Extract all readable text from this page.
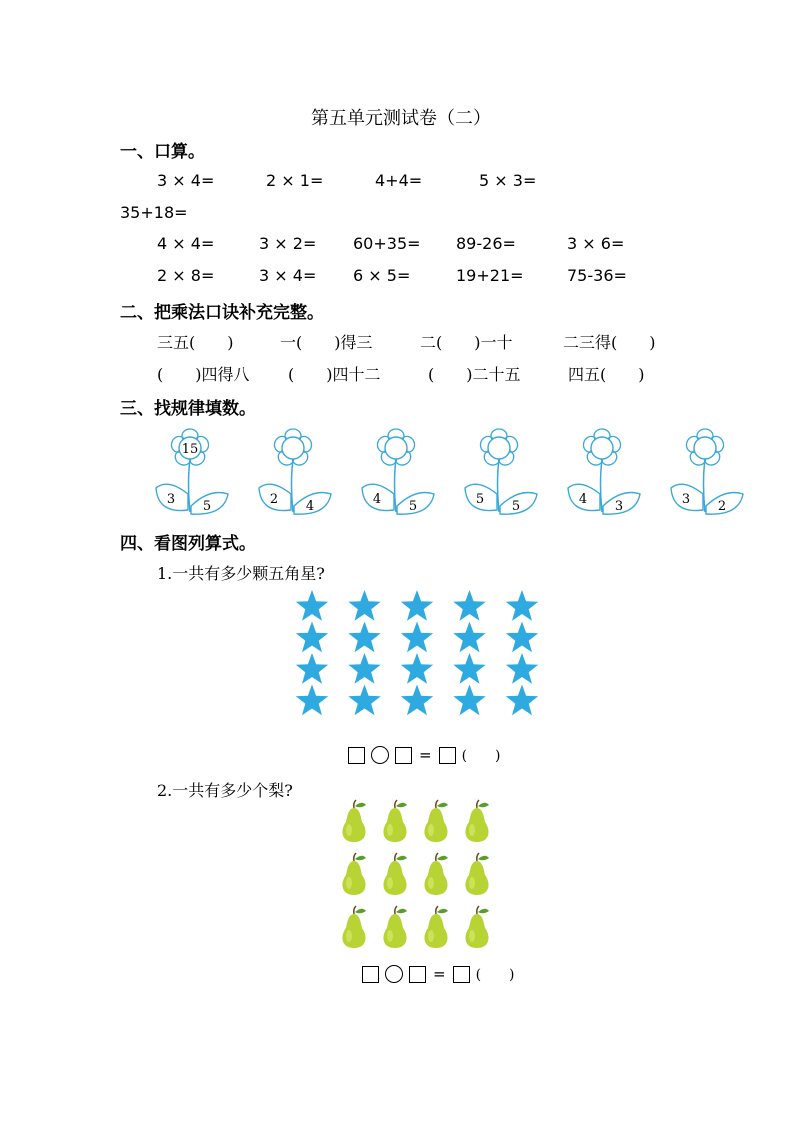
第五单元测试卷（二）
一、口算。
3 × 4=	2 × 1=	4+4=	5 × 3=
35+18=
4 × 4=	3 × 2= 60+35= 89-26=	3 × 6=
2 × 8=	3 × 4= 6 × 5=	19+21=	75-36=
二、把乘法口诀补充完整。
三五(　　)	一(　　)得三	二(　　)一十	二三得(　　)
(　　)四得八 (　　)四十二	(　　)二十五	四五(　　)
三、找规律填数。
15
3 5	2 4	4 5	5 5	4 3	3 2
四、看图列算式。
1.一共有多少颗五角星?
= (　　)
2.一共有多少个梨?
= (　　)
